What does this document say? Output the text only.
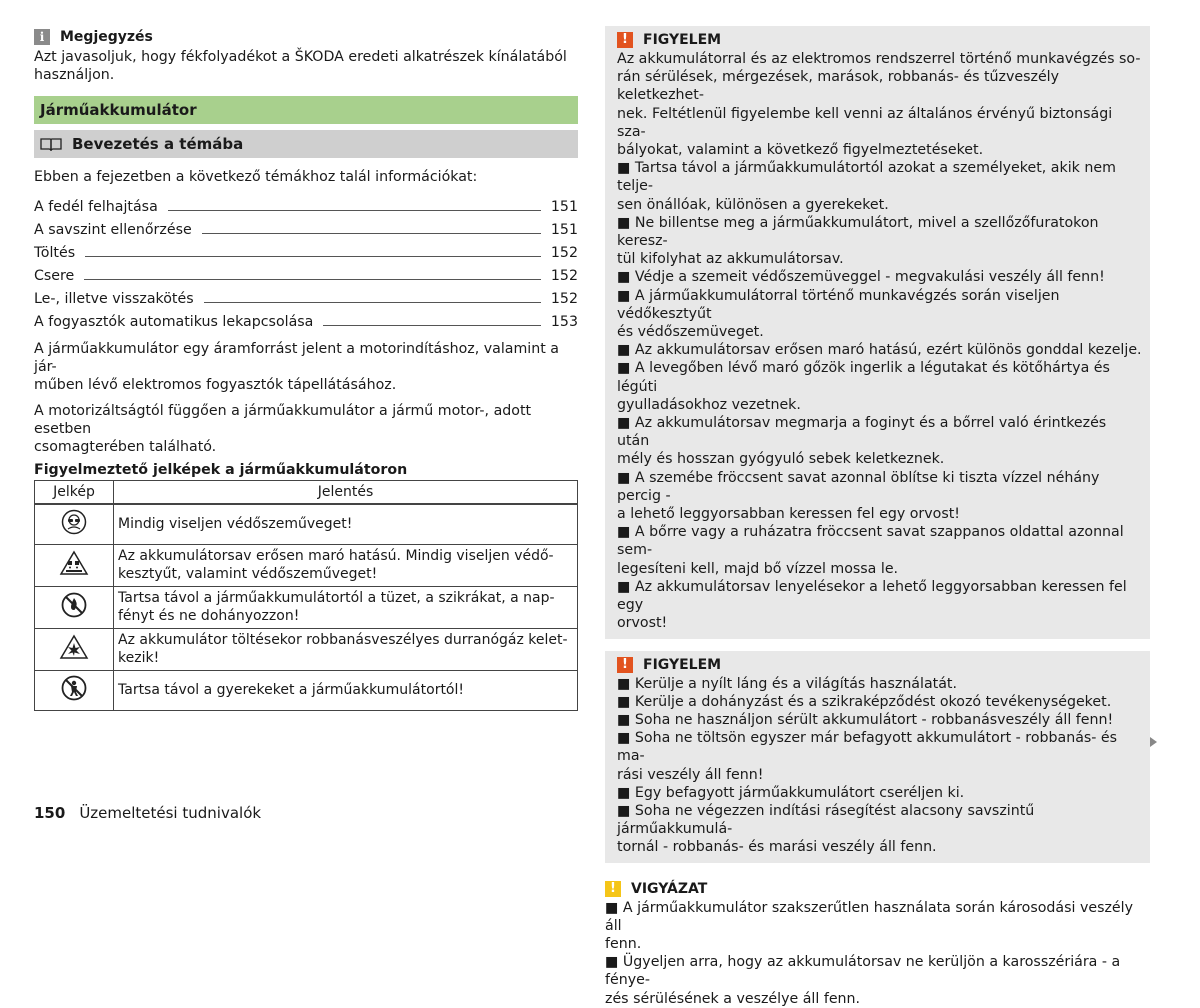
i	Megjegyzés

Azt javasoljuk, hogy fékfolyadékot a ŠKODA eredeti alkatrészek kínálatából

használjon.

Járműakkumulátor
Bevezetés a témába

Ebben a fejezetben a következő témákhoz talál információkat:

A fedél felhajtása	151
A savszint ellenőrzése	151
Töltés	152
Csere	152
Le-, illetve visszakötés	152
A fogyasztók automatikus lekapcsolása	153

A járműakkumulátor egy áramforrást jelent a motorindításhoz, valamint a jár-

műben lévő elektromos fogyasztók tápellátásához.

A motorizáltságtól függően a járműakkumulátor a jármű motor-, adott esetben

csomagterében található.

Figyelmeztető jelképek a járműakkumulátoron
Jelkép	Jelentés

Mindig viseljen védőszeműveget!

Az akkumulátorsav erősen maró hatású. Mindig viseljen védő-
kesztyűt, valamint védőszeműveget!

Tartsa távol a járműakkumulátortól a tüzet, a szikrákat, a nap-
fényt és ne dohányozzon!

Az akkumulátor töltésekor robbanásveszélyes durranógáz kelet-
kezik!

Tartsa távol a gyerekeket a járműakkumulátortól!
!	FIGYELEM

Az akkumulátorral és az elektromos rendszerrel történő munkavégzés so-

rán sérülések, mérgezések, marások, robbanás- és tűzveszély keletkezhet-

nek. Feltétlenül figyelembe kell venni az általános érvényű biztonsági sza-

bályokat, valamint a következő figyelmeztetéseket.

■ Tartsa távol a járműakkumulátortól azokat a személyeket, akik nem telje-

sen önállóak, különösen a gyerekeket.

■ Ne billentse meg a járműakkumulátort, mivel a szellőzőfuratokon keresz-

tül kifolyhat az akkumulátorsav.

■ Védje a szemeit védőszemüveggel - megvakulási veszély áll fenn!

■ A járműakkumulátorral történő munkavégzés során viseljen védőkesztyűt

és védőszemüveget.

■ Az akkumulátorsav erősen maró hatású, ezért különös gonddal kezelje.

■ A levegőben lévő maró gőzök ingerlik a légutakat és kötőhártya és légúti

gyulladásokhoz vezetnek.

■ Az akkumulátorsav megmarja a foginyt és a bőrrel való érintkezés után

mély és hosszan gyógyuló sebek keletkeznek.

■ A szemébe fröccsent savat azonnal öblítse ki tiszta vízzel néhány percig -

a lehető leggyorsabban keressen fel egy orvost!

■ A bőrre vagy a ruházatra fröccsent savat szappanos oldattal azonnal sem-

legesíteni kell, majd bő vízzel mossa le.

■ Az akkumulátorsav lenyelésekor a lehető leggyorsabban keressen fel egy

orvost!

!	FIGYELEM

■ Kerülje a nyílt láng és a világítás használatát.

■ Kerülje a dohányzást és a szikraképződést okozó tevékenységeket.

■ Soha ne használjon sérült akkumulátort - robbanásveszély áll fenn!

■ Soha ne töltsön egyszer már befagyott akkumulátort - robbanás- és ma-

rási veszély áll fenn!

■ Egy befagyott járműakkumulátort cseréljen ki.

■ Soha ne végezzen indítási rásegítést alacsony savszintű járműakkumulá-

tornál - robbanás- és marási veszély áll fenn.

!	VIGYÁZAT

■ A járműakkumulátor szakszerűtlen használata során károsodási veszély áll

fenn.

■ Ügyeljen arra, hogy az akkumulátorsav ne kerüljön a karosszériára - a fénye-

zés sérülésének a veszélye áll fenn.

150 Üzemeltetési tudnivalók
